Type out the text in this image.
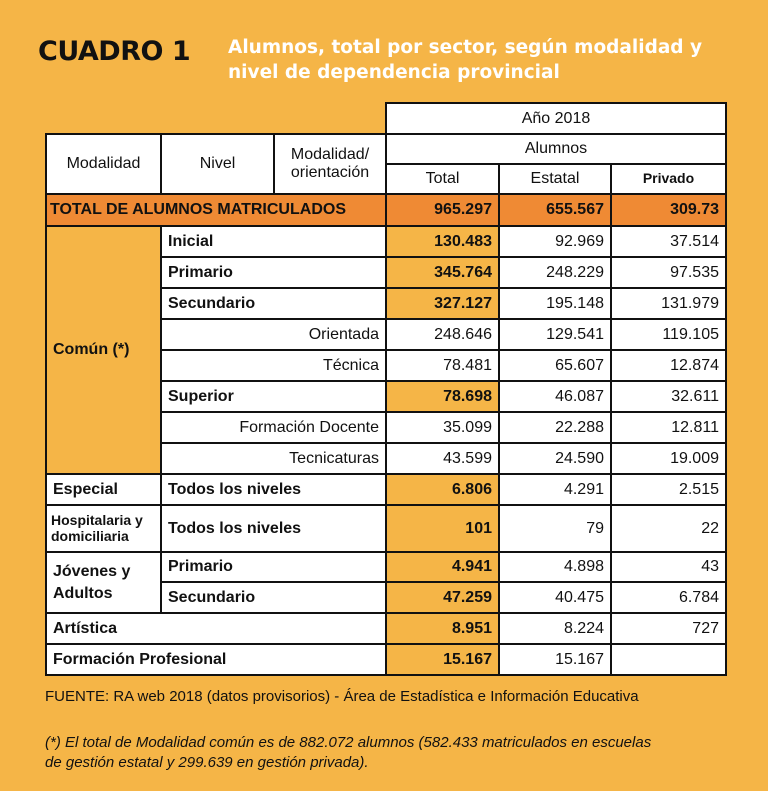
CUADRO 1 Alumnos, total por sector, según modalidad y
nivel de dependencia provincial
			Año 2018		
Modalidad	Nivel	Modalidad/
orientación	Alumnos		
			Total	Estatal	Privado
TOTAL DE ALUMNOS MATRICULADOS			965.297	655.567	309.73
Común (*)	Inicial		130.483	92.969	37.514
	Primario		345.764	248.229	97.535
	Secundario		327.127	195.148	131.979
	Orientada		248.646	129.541	119.105
	Técnica		78.481	65.607	12.874
	Superior		78.698	46.087	32.611
	Formación Docente		35.099	22.288	12.811
	Tecnicaturas		43.599	24.590	19.009
Especial	Todos los niveles		6.806	4.291	2.515

Hospitalaria y
domiciliaria	Todos los niveles		101	79	22

Jóvenes y
Adultos	Primario		4.941	4.898	43
	Secundario		47.259	40.475	6.784
Artística			8.951	8.224	727
Formación Profesional			15.167	15.167	
FUENTE: RA web 2018 (datos provisorios) - Área de Estadística e Información Educativa
(*) El total de Modalidad común es de 882.072 alumnos (582.433 matriculados en escuelas
de gestión estatal y 299.639 en gestión privada).
